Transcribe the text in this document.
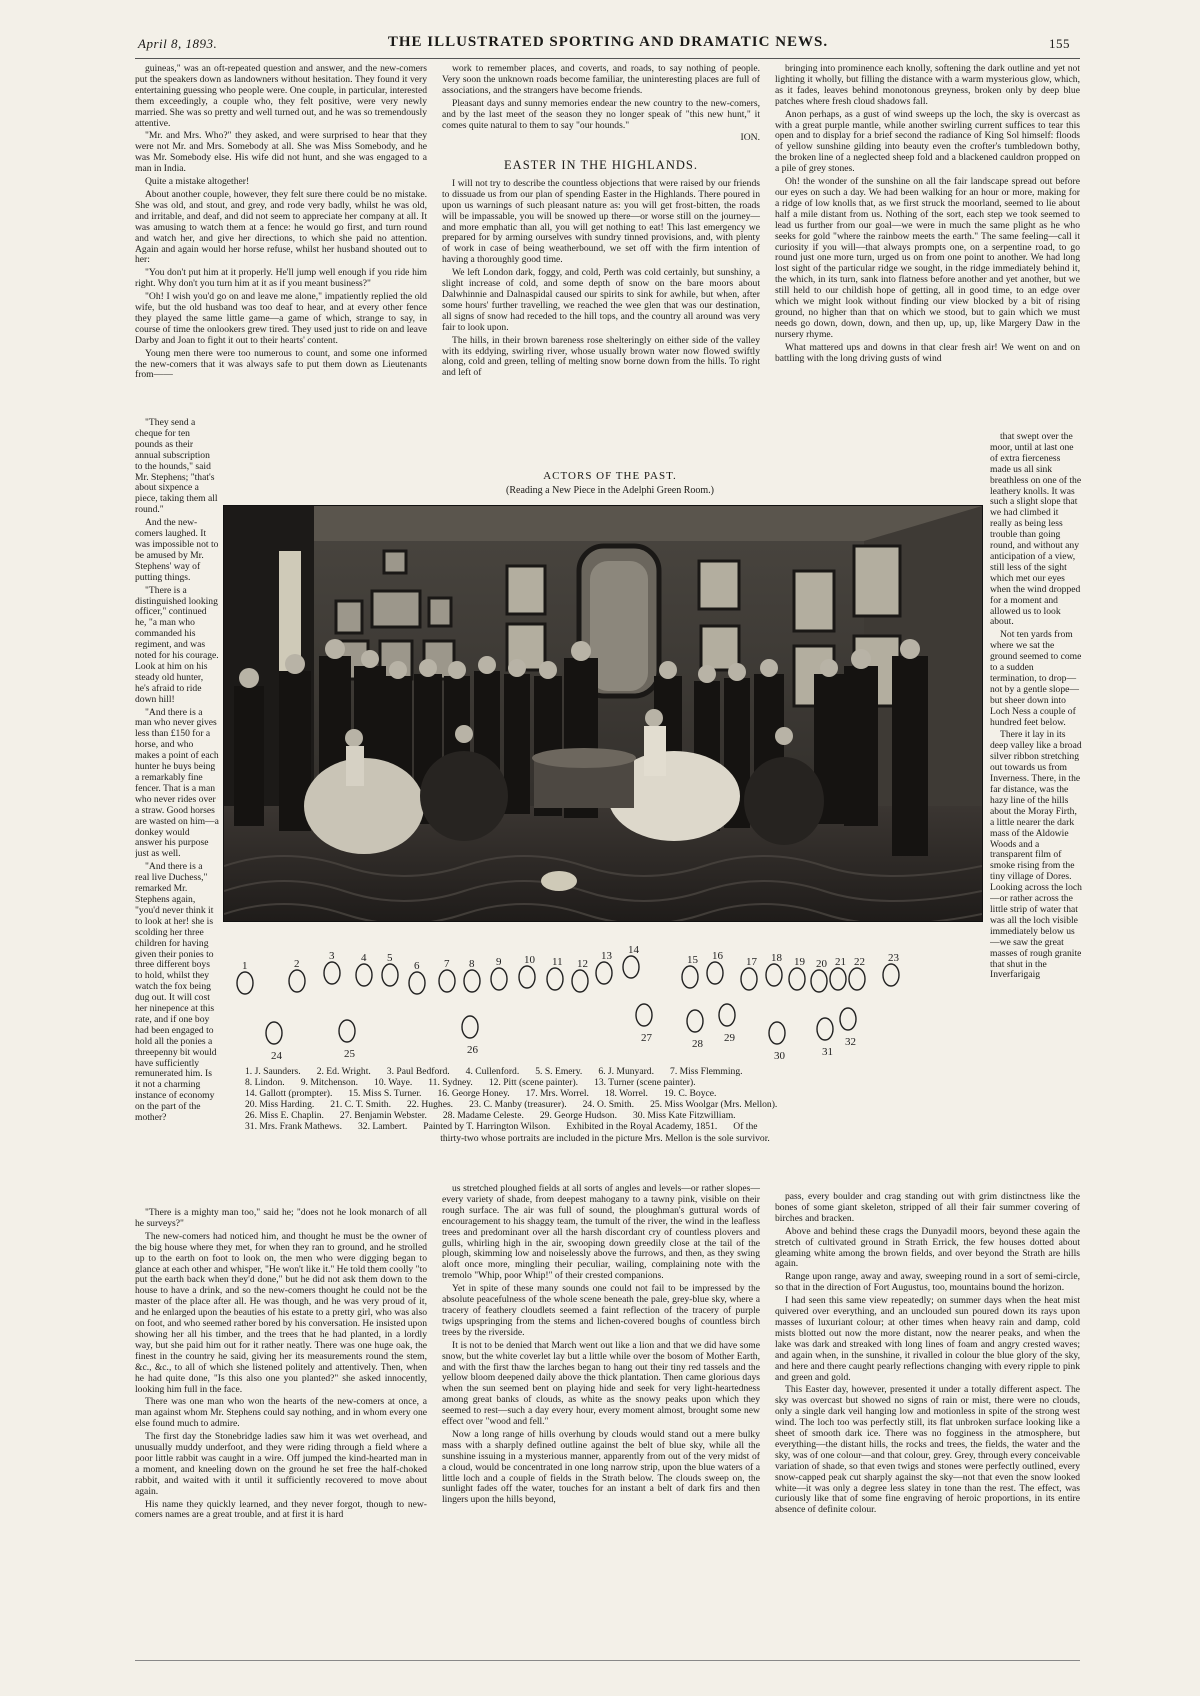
April 8, 1893.	THE ILLUSTRATED SPORTING AND DRAMATIC NEWS.	155

guineas," was an oft-repeated question and answer, and the new-comers put the speakers down as landowners without hesitation. They found it very entertaining guessing who people were. One couple, in particular, interested them exceedingly, a couple who, they felt positive, were very newly married. She was so pretty and well turned out, and he was so tremendously attentive.

"Mr. and Mrs. Who?" they asked, and were surprised to hear that they were not Mr. and Mrs. Somebody at all. She was Miss Somebody, and he was Mr. Somebody else. His wife did not hunt, and she was engaged to a man in India.

Quite a mistake altogether!

About another couple, however, they felt sure there could be no mistake. She was old, and stout, and grey, and rode very badly, whilst he was old, and irritable, and deaf, and did not seem to appreciate her company at all. It was amusing to watch them at a fence: he would go first, and turn round and watch her, and give her directions, to which she paid no attention. Again and again would her horse refuse, whilst her husband shouted out to her:

"You don't put him at it properly. He'll jump well enough if you ride him right. Why don't you turn him at it as if you meant business?"

"Oh! I wish you'd go on and leave me alone," impatiently replied the old wife, but the old husband was too deaf to hear, and at every other fence they played the same little game—a game of which, strange to say, in course of time the onlookers grew tired. They used just to ride on and leave Darby and Joan to fight it out to their hearts' content.

Young men there were too numerous to count, and some one informed the new-comers that it was always safe to put them down as Lieutenants from——

"They send a cheque for ten pounds as their annual subscription to the hounds," said Mr. Stephens; "that's about sixpence a piece, taking them all round."

And the new-comers laughed. It was impossible not to be amused by Mr. Stephens' way of putting things.

"There is a distinguished looking officer," continued he, "a man who commanded his regiment, and was noted for his courage. Look at him on his steady old hunter, he's afraid to ride down hill!

"And there is a man who never gives less than £150 for a horse, and who makes a point of each hunter he buys being a remarkably fine fencer. That is a man who never rides over a straw. Good horses are wasted on him—a donkey would answer his purpose just as well.

"And there is a real live Duchess," remarked Mr. Stephens again, "you'd never think it to look at her! she is scolding her three children for having given their ponies to three different boys to hold, whilst they watch the fox being dug out. It will cost her ninepence at this rate, and if one boy had been engaged to hold all the ponies a threepenny bit would have sufficiently remunerated him. Is it not a charming instance of economy on the part of the mother?

work to remember places, and coverts, and roads, to say nothing of people. Very soon the unknown roads become familiar, the uninteresting places are full of associations, and the strangers have become friends.

Pleasant days and sunny memories endear the new country to the new-comers, and by the last meet of the season they no longer speak of "this new hunt," it comes quite natural to them to say "our hounds."

ION.

EASTER IN THE HIGHLANDS.

I will not try to describe the countless objections that were raised by our friends to dissuade us from our plan of spending Easter in the Highlands. There poured in upon us warnings of such pleasant nature as: you will get frost-bitten, the roads will be impassable, you will be snowed up there—or worse still on the journey—and more emphatic than all, you will get nothing to eat! This last emergency we prepared for by arming ourselves with sundry tinned provisions, and, with plenty of work in case of being weatherbound, we set off with the firm intention of having a thoroughly good time.

We left London dark, foggy, and cold, Perth was cold certainly, but sunshiny, a slight increase of cold, and some depth of snow on the bare moors about Dalwhinnie and Dalnaspidal caused our spirits to sink for awhile, but when, after some hours' further travelling, we reached the wee glen that was our destination, all signs of snow had receded to the hill tops, and the country all around was very fair to look upon.

The hills, in their brown bareness rose shelteringly on either side of the valley with its eddying, swirling river, whose usually brown water now flowed swiftly along, cold and green, telling of melting snow borne down from the hills. To right and left of

bringing into prominence each knolly, softening the dark outline and yet not lighting it wholly, but filling the distance with a warm mysterious glow, which, as it fades, leaves behind monotonous greyness, broken only by deep blue patches where fresh cloud shadows fall.

Anon perhaps, as a gust of wind sweeps up the loch, the sky is overcast as with a great purple mantle, while another swirling current suffices to tear this open and to display for a brief second the radiance of King Sol himself: floods of yellow sunshine gilding into beauty even the crofter's tumbledown bothy, the broken line of a neglected sheep fold and a blackened cauldron propped on a pile of grey stones.

Oh! the wonder of the sunshine on all the fair landscape spread out before our eyes on such a day. We had been walking for an hour or more, making for a ridge of low knolls that, as we first struck the moorland, seemed to lie about half a mile distant from us. Nothing of the sort, each step we took seemed to lead us further from our goal—we were in much the same plight as he who seeks for gold "where the rainbow meets the earth." The same feeling—call it curiosity if you will—that always prompts one, on a serpentine road, to go round just one more turn, urged us on from one point to another. We had long lost sight of the particular ridge we sought, in the ridge immediately behind it, the which, in its turn, sank into flatness before another and yet another, but we still held to our childish hope of getting, all in good time, to an edge over which we might look without finding our view blocked by a bit of rising ground, no higher than that on which we stood, but to gain which we must needs go down, down, down, and then up, up, up, like Margery Daw in the nursery rhyme.

What mattered ups and downs in that clear fresh air! We went on and on battling with the long driving gusts of wind

that swept over the moor, until at last one of extra fierceness made us all sink breathless on one of the leathery knolls. It was such a slight slope that we had climbed it really as being less trouble than going round, and without any anticipation of a view, still less of the sight which met our eyes when the wind dropped for a moment and allowed us to look about.

Not ten yards from where we sat the ground seemed to come to a sudden termination, to drop—not by a gentle slope—but sheer down into Loch Ness a couple of hundred feet below.

There it lay in its deep valley like a broad silver ribbon stretching out towards us from Inverness. There, in the far distance, was the hazy line of the hills about the Moray Firth, a little nearer the dark mass of the Aldowie Woods and a transparent film of smoke rising from the tiny village of Dores. Looking across the loch—or rather across the little strip of water that was all the loch visible immediately below us—we saw the great masses of rough granite that shut in the Inverfarigaig

ACTORS OF THE PAST.
(Reading a New Piece in the Adelphi Green Room.)
1	2
3 4 5
6 7 8 9 10 11 12
13 14
15 16 17 18 19 20 21 22 23
24	25	26
27	28 29
30	31
32
1. J. Saunders. 2. Ed. Wright. 3. Paul Bedford. 4. Cullenford. 5. S. Emery. 6. J. Munyard. 7. Miss Flemming.
8. Lindon. 9. Mitchenson. 10. Waye. 11. Sydney. 12. Pitt (scene painter). 13. Turner (scene painter).
14. Gallott (prompter). 15. Miss S. Turner. 16. George Honey. 17. Mrs. Worrel. 18. Worrel. 19. C. Boyce.
20. Miss Harding. 21. C. T. Smith. 22. Hughes. 23. C. Manby (treasurer). 24. O. Smith. 25. Miss Woolgar (Mrs. Mellon).
26. Miss E. Chaplin. 27. Benjamin Webster. 28. Madame Celeste. 29. George Hudson. 30. Miss Kate Fitzwilliam.
31. Mrs. Frank Mathews. 32. Lambert. Painted by T. Harrington Wilson. Exhibited in the Royal Academy, 1851. Of the
thirty-two whose portraits are included in the picture Mrs. Mellon is the sole survivor.

"There is a mighty man too," said he; "does not he look monarch of all he surveys?"

The new-comers had noticed him, and thought he must be the owner of the big house where they met, for when they ran to ground, and he strolled up to the earth on foot to look on, the men who were digging began to glance at each other and whisper, "He won't like it." He told them coolly "to put the earth back when they'd done," but he did not ask them down to the house to have a drink, and so the new-comers thought he could not be the master of the place after all. He was though, and he was very proud of it, and he enlarged upon the beauties of his estate to a pretty girl, who was also on foot, and who seemed rather bored by his conversation. He insisted upon showing her all his timber, and the trees that he had planted, in a lordly way, but she paid him out for it rather neatly. There was one huge oak, the finest in the country he said, giving her its measurements round the stem, &c., &c., to all of which she listened politely and attentively. Then, when he had quite done, "Is this also one you planted?" she asked innocently, looking him full in the face.

There was one man who won the hearts of the new-comers at once, a man against whom Mr. Stephens could say nothing, and in whom every one else found much to admire.

The first day the Stonebridge ladies saw him it was wet overhead, and unusually muddy underfoot, and they were riding through a field where a poor little rabbit was caught in a wire. Off jumped the kind-hearted man in a moment, and kneeling down on the ground he set free the half-choked rabbit, and waited with it until it sufficiently recovered to move about again.

His name they quickly learned, and they never forgot, though to new-comers names are a great trouble, and at first it is hard

us stretched ploughed fields at all sorts of angles and levels—or rather slopes—every variety of shade, from deepest mahogany to a tawny pink, visible on their rough surface. The air was full of sound, the ploughman's guttural words of encouragement to his shaggy team, the tumult of the river, the wind in the leafless trees and predominant over all the harsh discordant cry of countless plovers and gulls, whirling high in the air, swooping down greedily close at the tail of the plough, skimming low and noiselessly above the furrows, and then, as they swing aloft once more, mingling their peculiar, wailing, complaining note with the tremolo "Whip, poor Whip!" of their crested companions.

Yet in spite of these many sounds one could not fail to be impressed by the absolute peacefulness of the whole scene beneath the pale, grey-blue sky, where a tracery of feathery cloudlets seemed a faint reflection of the tracery of purple twigs upspringing from the stems and lichen-covered boughs of countless birch trees by the riverside.

It is not to be denied that March went out like a lion and that we did have some snow, but the white coverlet lay but a little while over the bosom of Mother Earth, and with the first thaw the larches began to hang out their tiny red tassels and the yellow bloom deepened daily above the thick plantation. Then came glorious days when the sun seemed bent on playing hide and seek for very light-heartedness among great banks of clouds, as white as the snowy peaks upon which they seemed to rest—such a day every hour, every moment almost, brought some new effect over "wood and fell."

Now a long range of hills overhung by clouds would stand out a mere bulky mass with a sharply defined outline against the belt of blue sky, while all the sunshine issuing in a mysterious manner, apparently from out of the very midst of a cloud, would be concentrated in one long narrow strip, upon the blue waters of a little loch and a couple of fields in the Strath below. The clouds sweep on, the sunlight fades off the water, touches for an instant a belt of dark firs and then lingers upon the hills beyond,

pass, every boulder and crag standing out with grim distinctness like the bones of some giant skeleton, stripped of all their fair summer covering of birches and bracken.

Above and behind these crags the Dunyadil moors, beyond these again the stretch of cultivated ground in Strath Errick, the few houses dotted about gleaming white among the brown fields, and over beyond the Strath are hills again.

Range upon range, away and away, sweeping round in a sort of semi-circle, so that in the direction of Fort Augustus, too, mountains bound the horizon.

I had seen this same view repeatedly; on summer days when the heat mist quivered over everything, and an unclouded sun poured down its rays upon masses of luxuriant colour; at other times when heavy rain and damp, cold mists blotted out now the more distant, now the nearer peaks, and when the lake was dark and streaked with long lines of foam and angry crested waves; and again when, in the sunshine, it rivalled in colour the blue glory of the sky, and here and there caught pearly reflections changing with every ripple to pink and green and gold.

This Easter day, however, presented it under a totally different aspect. The sky was overcast but showed no signs of rain or mist, there were no clouds, only a single dark veil hanging low and motionless in spite of the strong west wind. The loch too was perfectly still, its flat unbroken surface looking like a sheet of smooth dark ice. There was no fogginess in the atmosphere, but everything—the distant hills, the rocks and trees, the fields, the water and the sky, was of one colour—and that colour, grey. Grey, through every conceivable variation of shade, so that even twigs and stones were perfectly outlined, every snow-capped peak cut sharply against the sky—not that even the snow looked white—it was only a degree less slatey in tone than the rest. The effect, was curiously like that of some fine engraving of heroic proportions, in its entire absence of definite colour.
